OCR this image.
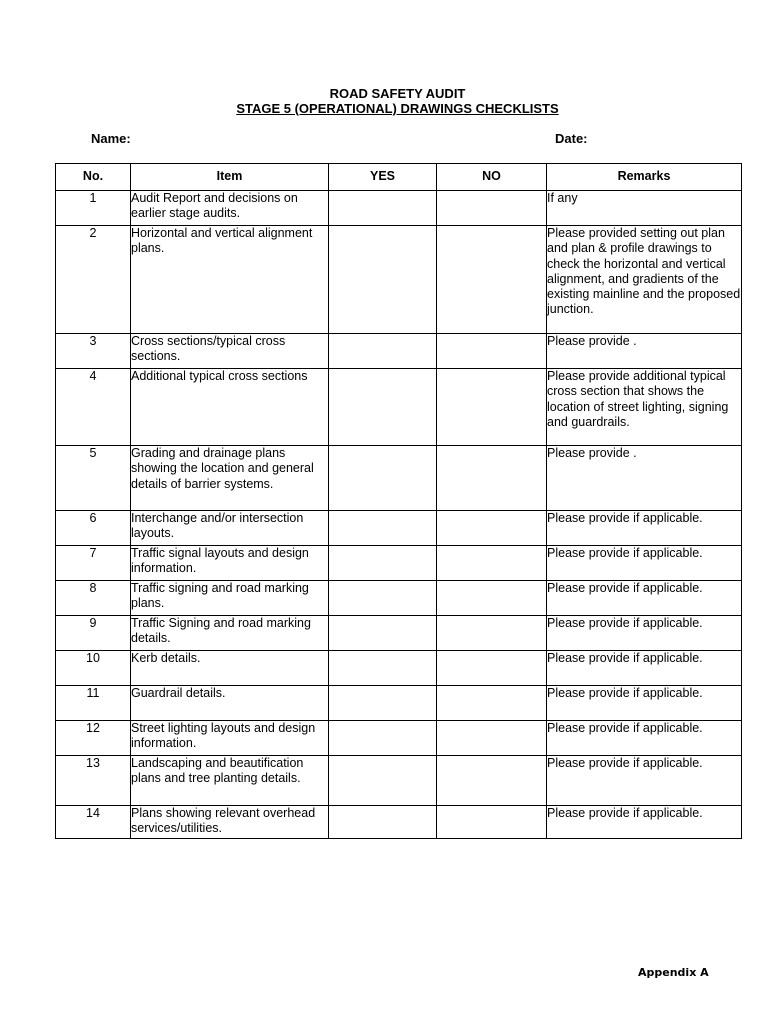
ROAD SAFETY AUDIT
STAGE 5 (OPERATIONAL) DRAWINGS CHECKLISTS
Name:	Date:
No.	Item	YES	NO	Remarks
1	Audit Report and decisions on earlier stage audits.			If any
2	Horizontal and vertical alignment plans.			Please provided setting out plan and plan & profile drawings to check the horizontal and vertical alignment, and gradients of the existing mainline and the proposed junction.
3	Cross sections/typical cross sections.			Please provide .
4	Additional typical cross sections			Please provide additional typical cross section that shows the location of street lighting, signing and guardrails.
5	Grading and drainage plans showing the location and general details of barrier systems.			Please provide .
6	Interchange and/or intersection layouts.			Please provide if applicable.
7	Traffic signal layouts and design information.			Please provide if applicable.
8	Traffic signing and road marking plans.			Please provide if applicable.
9	Traffic Signing and road marking details.			Please provide if applicable.
10	Kerb details.			Please provide if applicable.
11	Guardrail details.			Please provide if applicable.
12	Street lighting layouts and design information.			Please provide if applicable.
13	Landscaping and beautification plans and tree planting details.			Please provide if applicable.
14	Plans showing relevant overhead services/utilities.			Please provide if applicable.
Appendix A
